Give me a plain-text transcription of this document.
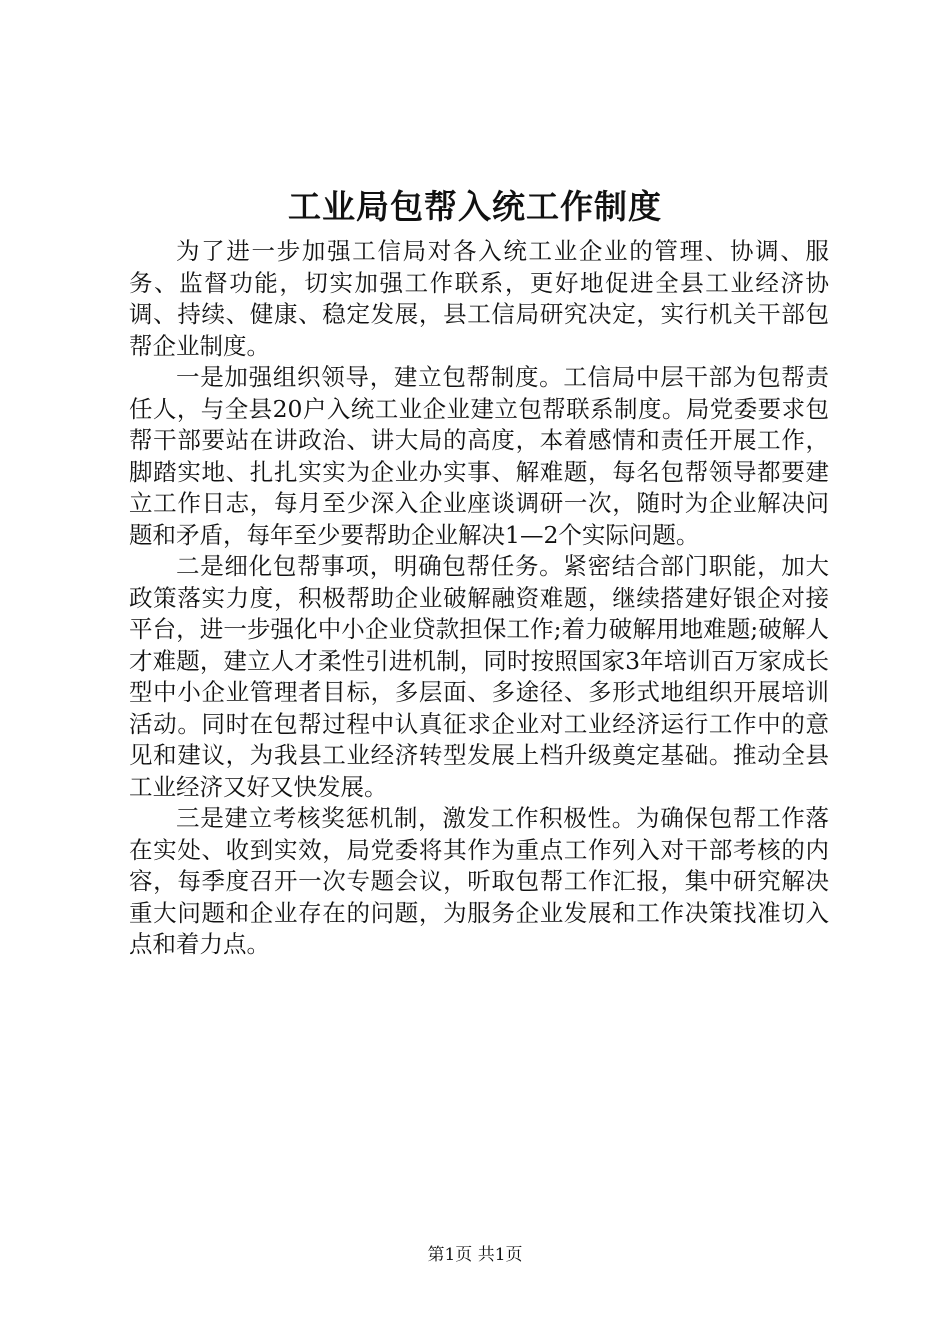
工业局包帮入统工作制度

为了进一步加强工信局对各入统工业企业的管理、协调、服务、监督功能，切实加强工作联系，更好地促进全县工业经济协调、持续、健康、稳定发展，县工信局研究决定，实行机关干部包帮企业制度。

一是加强组织领导，建立包帮制度。工信局中层干部为包帮责任人，与全县20户入统工业企业建立包帮联系制度。局党委要求包帮干部要站在讲政治、讲大局的高度，本着感情和责任开展工作，脚踏实地、扎扎实实为企业办实事、解难题，每名包帮领导都要建立工作日志，每月至少深入企业座谈调研一次，随时为企业解决问题和矛盾，每年至少要帮助企业解决1—2个实际问题。

二是细化包帮事项，明确包帮任务。紧密结合部门职能，加大政策落实力度，积极帮助企业破解融资难题，继续搭建好银企对接平台，进一步强化中小企业贷款担保工作;着力破解用地难题;破解人才难题，建立人才柔性引进机制，同时按照国家3年培训百万家成长型中小企业管理者目标，多层面、多途径、多形式地组织开展培训活动。同时在包帮过程中认真征求企业对工业经济运行工作中的意见和建议，为我县工业经济转型发展上档升级奠定基础。推动全县工业经济又好又快发展。

三是建立考核奖惩机制，激发工作积极性。为确保包帮工作落在实处、收到实效，局党委将其作为重点工作列入对干部考核的内容，每季度召开一次专题会议，听取包帮工作汇报，集中研究解决重大问题和企业存在的问题，为服务企业发展和工作决策找准切入点和着力点。

第1页 共1页
